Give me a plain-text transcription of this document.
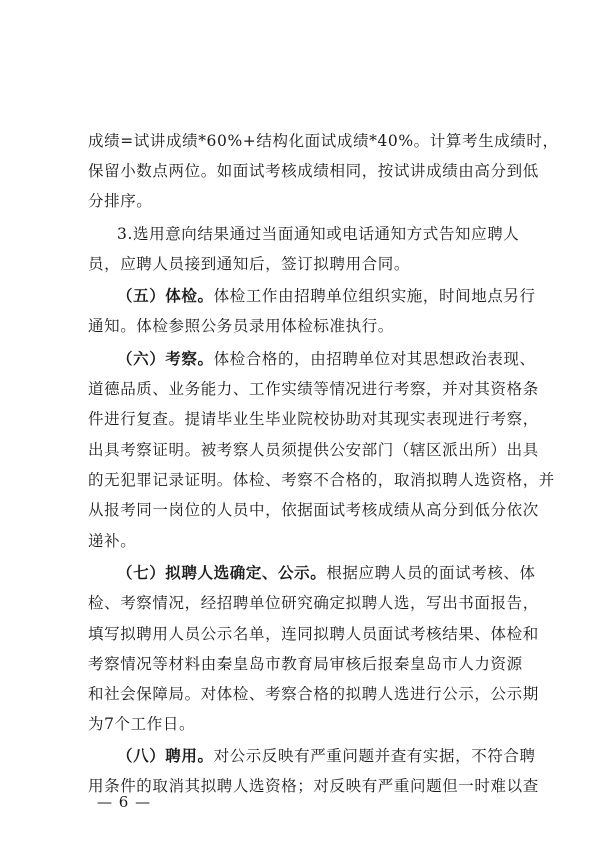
成绩=试讲成绩*60%+结构化面试成绩*40%。计算考生成绩时，
保留小数点两位。如面试考核成绩相同，按试讲成绩由高分到低
分排序。
3.选用意向结果通过当面通知或电话通知方式告知应聘人
员，应聘人员接到通知后，签订拟聘用合同。
（五）体检。体检工作由招聘单位组织实施，时间地点另行
通知。体检参照公务员录用体检标准执行。
（六）考察。体检合格的，由招聘单位对其思想政治表现、
道德品质、业务能力、工作实绩等情况进行考察，并对其资格条
件进行复查。提请毕业生毕业院校协助对其现实表现进行考察，
出具考察证明。被考察人员须提供公安部门（辖区派出所）出具
的无犯罪记录证明。体检、考察不合格的，取消拟聘人选资格，并
从报考同一岗位的人员中，依据面试考核成绩从高分到低分依次
递补。
（七）拟聘人选确定、公示。根据应聘人员的面试考核、体
检、考察情况，经招聘单位研究确定拟聘人选，写出书面报告，
填写拟聘用人员公示名单，连同拟聘人员面试考核结果、体检和
考察情况等材料由秦皇岛市教育局审核后报秦皇岛市人力资源
和社会保障局。对体检、考察合格的拟聘人选进行公示，公示期
为7个工作日。
（八）聘用。对公示反映有严重问题并查有实据，不符合聘
用条件的取消其拟聘人选资格；对反映有严重问题但一时难以查
— 6 —
